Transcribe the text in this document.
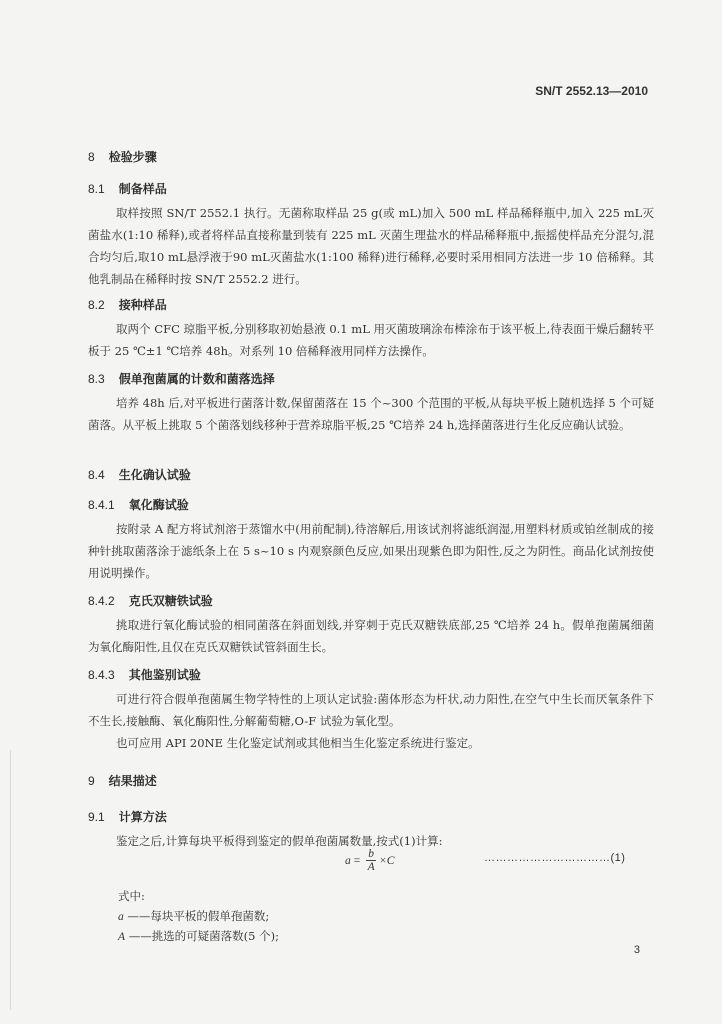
SN/T 2552.13—2010
8 检验步骤
8.1 制备样品
取样按照 SN/T 2552.1 执行。无菌称取样品 25 g(或 mL)加入 500 mL 样品稀释瓶中,加入 225 mL灭菌盐水(1:10 稀释),或者将样品直接称量到装有 225 mL 灭菌生理盐水的样品稀释瓶中,振摇使样品充分混匀,混合均匀后,取10 mL悬浮液于90 mL灭菌盐水(1:100 稀释)进行稀释,必要时采用相同方法进一步 10 倍稀释。其他乳制品在稀释时按 SN/T 2552.2 进行。
8.2 接种样品
取两个 CFC 琼脂平板,分别移取初始悬液 0.1 mL 用灭菌玻璃涂布棒涂布于该平板上,待表面干燥后翻转平板于 25 ℃±1 ℃培养 48h。对系列 10 倍稀释液用同样方法操作。
8.3 假单孢菌属的计数和菌落选择
培养 48h 后,对平板进行菌落计数,保留菌落在 15 个~300 个范围的平板,从每块平板上随机选择 5 个可疑菌落。从平板上挑取 5 个菌落划线移种于营养琼脂平板,25 ℃培养 24 h,选择菌落进行生化反应确认试验。
8.4 生化确认试验
8.4.1 氧化酶试验
按附录 A 配方将试剂溶于蒸馏水中(用前配制),待溶解后,用该试剂将滤纸润湿,用塑料材质或铂丝制成的接种针挑取菌落涂于滤纸条上在 5 s~10 s 内观察颜色反应,如果出现紫色即为阳性,反之为阴性。商品化试剂按使用说明操作。
8.4.2 克氏双糖铁试验
挑取进行氧化酶试验的相同菌落在斜面划线,并穿刺于克氏双糖铁底部,25 ℃培养 24 h。假单孢菌属细菌为氧化酶阳性,且仅在克氏双糖铁试管斜面生长。
8.4.3 其他鉴别试验
可进行符合假单孢菌属生物学特性的上项认定试验:菌体形态为杆状,动力阳性,在空气中生长而厌氧条件下不生长,接触酶、氧化酶阳性,分解葡萄糖,O-F 试验为氧化型。
也可应用 API 20NE 生化鉴定试剂或其他相当生化鉴定系统进行鉴定。
9 结果描述
9.1 计算方法
鉴定之后,计算每块平板得到鉴定的假单孢菌属数量,按式(1)计算:
$a = \frac{b}{A} \times C$	……………………………(1)
式中:
a ——每块平板的假单孢菌数;
A ——挑选的可疑菌落数(5 个);
3
